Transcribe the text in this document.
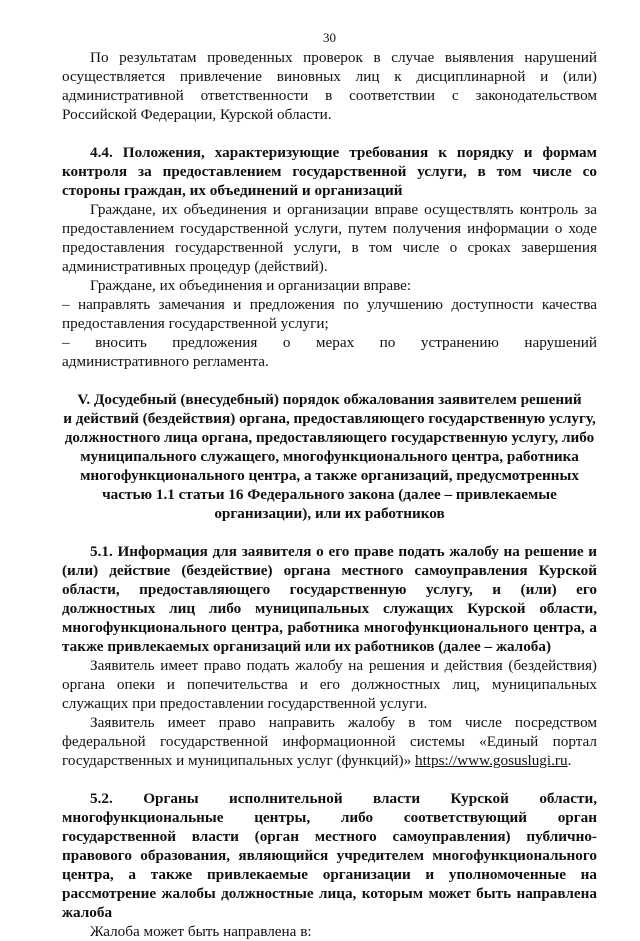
30

По результатам проведенных проверок в случае выявления нарушений

осуществляется привлечение виновных лиц к дисциплинарной и (или)

административной ответственности в соответствии с законодательством

Российской Федерации, Курской области.

4.4. Положения, характеризующие требования к порядку и формам

контроля за предоставлением государственной услуги, в том числе со

стороны граждан, их объединений и организаций

Граждане, их объединения и организации вправе осуществлять контроль за

предоставлением государственной услуги, путем получения информации о ходе

предоставления государственной услуги, в том числе о сроках завершения

административных процедур (действий).

Граждане, их объединения и организации вправе:

– направлять замечания и предложения по улучшению доступности качества

предоставления государственной услуги;

– вносить предложения о мерах по устранению нарушений

административного регламента.

V. Досудебный (внесудебный) порядок обжалования заявителем решений

и действий (бездействия) органа, предоставляющего государственную услугу,

должностного лица органа, предоставляющего государственную услугу, либо

муниципального служащего, многофункционального центра, работника

многофункционального центра, а также организаций, предусмотренных

частью 1.1 статьи 16 Федерального закона (далее – привлекаемые

организации), или их работников

5.1. Информация для заявителя о его праве подать жалобу на решение и

(или) действие (бездействие) органа местного самоуправления Курской

области, предоставляющего государственную услугу, и (или) его

должностных лиц либо муниципальных служащих Курской области,

многофункционального центра, работника многофункционального центра, а

также привлекаемых организаций или их работников (далее – жалоба)

Заявитель имеет право подать жалобу на решения и действия (бездействия)

органа опеки и попечительства и его должностных лиц, муниципальных

служащих при предоставлении государственной услуги.

Заявитель имеет право направить жалобу в том числе посредством

федеральной государственной информационной системы «Единый портал

государственных и муниципальных услуг (функций)» https://www.gosuslugi.ru.

5.2. Органы исполнительной власти Курской области,

многофункциональные центры, либо соответствующий орган

государственной власти (орган местного самоуправления) публично-

правового образования, являющийся учредителем многофункционального

центра, а также привлекаемые организации и уполномоченные на

рассмотрение жалобы должностные лица, которым может быть направлена

жалоба

Жалоба может быть направлена в:
